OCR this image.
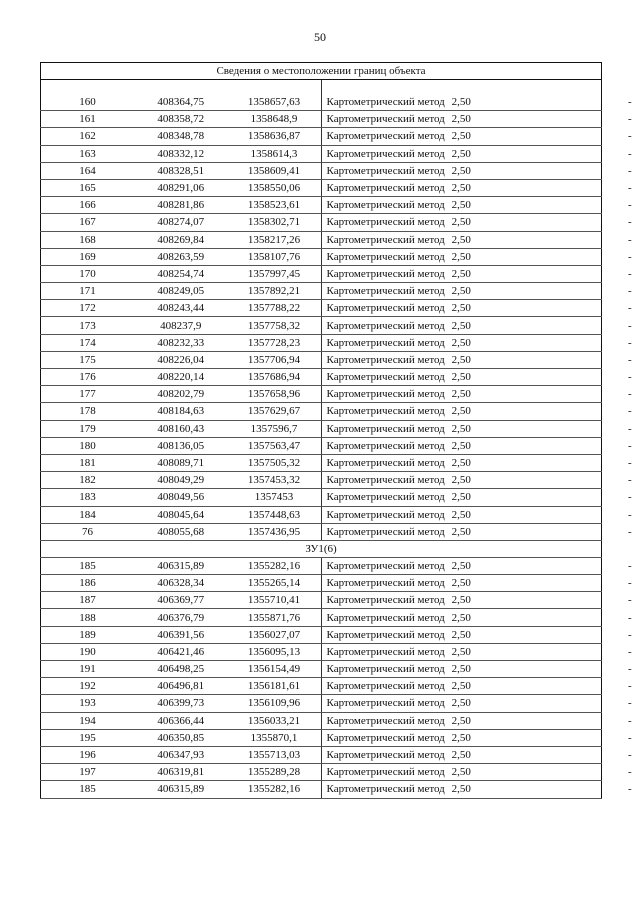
50
Сведения о местоположении границ объекта					

160	408364,75	1358657,63	Картометрический метод	2,50	-
161	408358,72	1358648,9	Картометрический метод	2,50	-
162	408348,78	1358636,87	Картометрический метод	2,50	-
163	408332,12	1358614,3	Картометрический метод	2,50	-
164	408328,51	1358609,41	Картометрический метод	2,50	-
165	408291,06	1358550,06	Картометрический метод	2,50	-
166	408281,86	1358523,61	Картометрический метод	2,50	-
167	408274,07	1358302,71	Картометрический метод	2,50	-
168	408269,84	1358217,26	Картометрический метод	2,50	-
169	408263,59	1358107,76	Картометрический метод	2,50	-
170	408254,74	1357997,45	Картометрический метод	2,50	-
171	408249,05	1357892,21	Картометрический метод	2,50	-
172	408243,44	1357788,22	Картометрический метод	2,50	-
173	408237,9	1357758,32	Картометрический метод	2,50	-
174	408232,33	1357728,23	Картометрический метод	2,50	-
175	408226,04	1357706,94	Картометрический метод	2,50	-
176	408220,14	1357686,94	Картометрический метод	2,50	-
177	408202,79	1357658,96	Картометрический метод	2,50	-
178	408184,63	1357629,67	Картометрический метод	2,50	-
179	408160,43	1357596,7	Картометрический метод	2,50	-
180	408136,05	1357563,47	Картометрический метод	2,50	-
181	408089,71	1357505,32	Картометрический метод	2,50	-
182	408049,29	1357453,32	Картометрический метод	2,50	-
183	408049,56	1357453	Картометрический метод	2,50	-
184	408045,64	1357448,63	Картометрический метод	2,50	-
76	408055,68	1357436,95	Картометрический метод	2,50	-
ЗУ1(6)					
185	406315,89	1355282,16	Картометрический метод	2,50	-
186	406328,34	1355265,14	Картометрический метод	2,50	-
187	406369,77	1355710,41	Картометрический метод	2,50	-
188	406376,79	1355871,76	Картометрический метод	2,50	-
189	406391,56	1356027,07	Картометрический метод	2,50	-
190	406421,46	1356095,13	Картометрический метод	2,50	-
191	406498,25	1356154,49	Картометрический метод	2,50	-
192	406496,81	1356181,61	Картометрический метод	2,50	-
193	406399,73	1356109,96	Картометрический метод	2,50	-
194	406366,44	1356033,21	Картометрический метод	2,50	-
195	406350,85	1355870,1	Картометрический метод	2,50	-
196	406347,93	1355713,03	Картометрический метод	2,50	-
197	406319,81	1355289,28	Картометрический метод	2,50	-
185	406315,89	1355282,16	Картометрический метод	2,50	-
